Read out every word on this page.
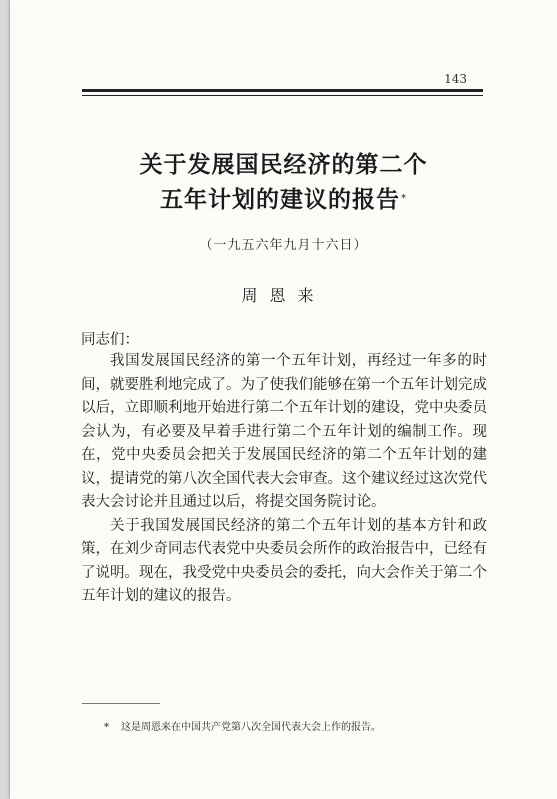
143
关于发展国民经济的第二个
五年计划的建议的报告*
（一九五六年九月十六日）
周恩来
同志们：

我国发展国民经济的第一个五年计划，再经过一年多的时间，就要胜利地完成了。为了使我们能够在第一个五年计划完成以后，立即顺利地开始进行第二个五年计划的建设，党中央委员会认为，有必要及早着手进行第二个五年计划的编制工作。现在，党中央委员会把关于发展国民经济的第二个五年计划的建议，提请党的第八次全国代表大会审查。这个建议经过这次党代表大会讨论并且通过以后，将提交国务院讨论。

关于我国发展国民经济的第二个五年计划的基本方针和政策，在刘少奇同志代表党中央委员会所作的政治报告中，已经有了说明。现在，我受党中央委员会的委托，向大会作关于第二个五年计划的建议的报告。

* 这是周恩来在中国共产党第八次全国代表大会上作的报告。
